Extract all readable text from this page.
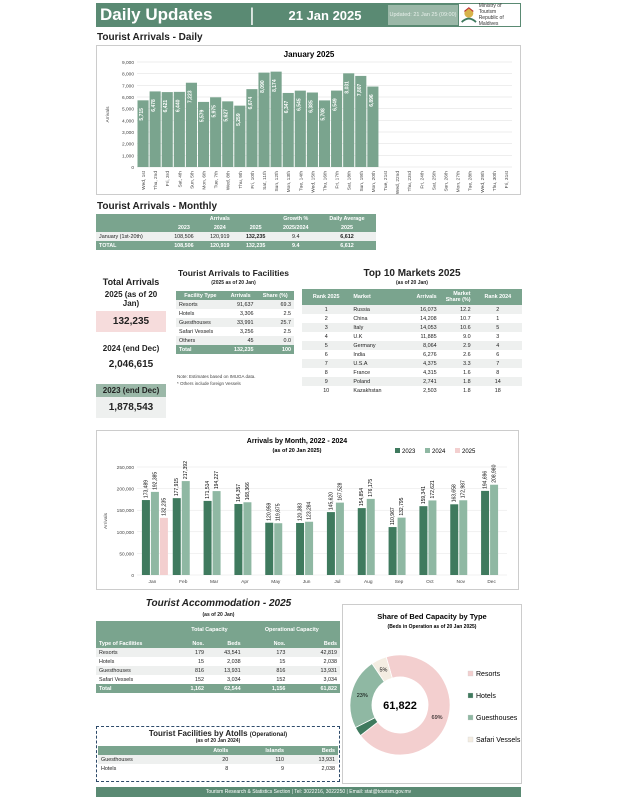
Daily Updates	|	21 Jan 2025	Updated: 21 Jan 25 (09:00)
Ministry of Tourism
Republic of Maldives
Tourist Arrivals - Daily
January 2025
0
1,000
2,000
3,000
4,000
5,000
6,000
7,000
8,000
9,000
Arrivals	5,715
Wed, 1st
6,478
Thu, 2nd
6,421
Fri, 3rd
6,440
Sat, 4th
7,223
Sun, 5th
5,579
Mon, 6th
5,975
Tue, 7th
5,627
Wed, 8th
5,259
Thu, 9th
6,674
Fri, 10th
8,090
Sat, 11th
8,174
Sun, 12th
6,347
Mon, 13th
6,545
Tue, 14th
6,385
Wed, 15th
5,708
Thu, 16th
6,549
Fri, 17th
8,031
Sat, 18th
7,807
Sun, 19th
6,896
Mon, 20th Tue, 21st Wed, 22nd Thu, 23rd Fri, 24th Sat, 25th Sun, 26th Mon, 27th Tue, 28th Wed, 29th Thu, 30th Fri, 31st
Tourist Arrivals - Monthly
	Arrivals			Growth %	Daily Average
	2023	2024	2025	2025/2024	2025
January (1st-20th)	108,506	120,919	132,235	9.4	6,612
TOTAL	108,506	120,919	132,235	9.4	6,612
Total Arrivals
2025 (as of 20 Jan)
132,235
2024 (end Dec)
2,046,615
2023 (end Dec)
1,878,543
Tourist Arrivals to Facilities
(2025 as of 20 Jan)
Facility Type	Arrivals	Share (%)
Resorts	91,637	69.3
Hotels	3,306	2.5
Guesthouses	33,991	25.7
Safari Vessels	3,256	2.5
Others	45	0.0
Total	132,235	100
Note: Estimates based on IMUGA data.
* Others include foreign Vessels
Top 10 Markets 2025
(as of 20 Jan)
Rank 2025	Market	Arrivals	Market Share (%)	Rank 2024
1	Russia	16,073	12.2	2
2	China	14,208	10.7	1
3	Italy	14,053	10.6	5
4	U.K	11,885	9.0	3
5	Germany	8,064	2.9	4
6	India	6,276	2.6	6
7	U.S.A	4,375	3.3	7
8	France	4,315	1.6	8
9	Poland	2,741	1.8	14
10	Kazakhstan	2,503	1.8	18
Arrivals by Month, 2022 - 2024
(as of 20 Jan 2025)	2023	2024	2025
0
50,000
100,000
150,000
200,000
250,000
Arrivals
173,489 192,385
132,235
Jan
177,915
217,392
Feb
171,514
194,227
Mar
164,357 168,366
Apr
120,959 119,875
May
120,383 123,284
Jun
145,620
167,528
Jul
154,854
176,175
Aug
110,967
132,795
Sep
159,341 172,621
Oct
163,658 172,987
Nov
194,696 208,980
Dec
Tourist Accommodation - 2025
(as of 20 Jan)
	Total Capacity		Operational Capacity	
Type of Facilities	Nos.	Beds	Nos.	Beds
Resorts	179	43,541	173	42,819
Hotels	15	2,038	15	2,038
Guesthouses	816	13,931	816	13,931
Safari Vessels	152	3,034	152	3,034
Total	1,162	62,544	1,156	61,822
Share of Bed Capacity by Type
(Beds in Operation as of 20 Jan 2025)
69%
23%
5%
61,822
Resorts
Hotels
Guesthouses
Safari Vessels
Tourist Facilities by Atolls (Operational)
(as of 20 Jan 2024)
	Atolls	Islands	Beds
Guesthouses	20	110	13,931
Hotels	8	9	2,038
Tourism Research & Statistics Section | Tel: 3022216, 3022250 | Email: stat@tourism.gov.mv
